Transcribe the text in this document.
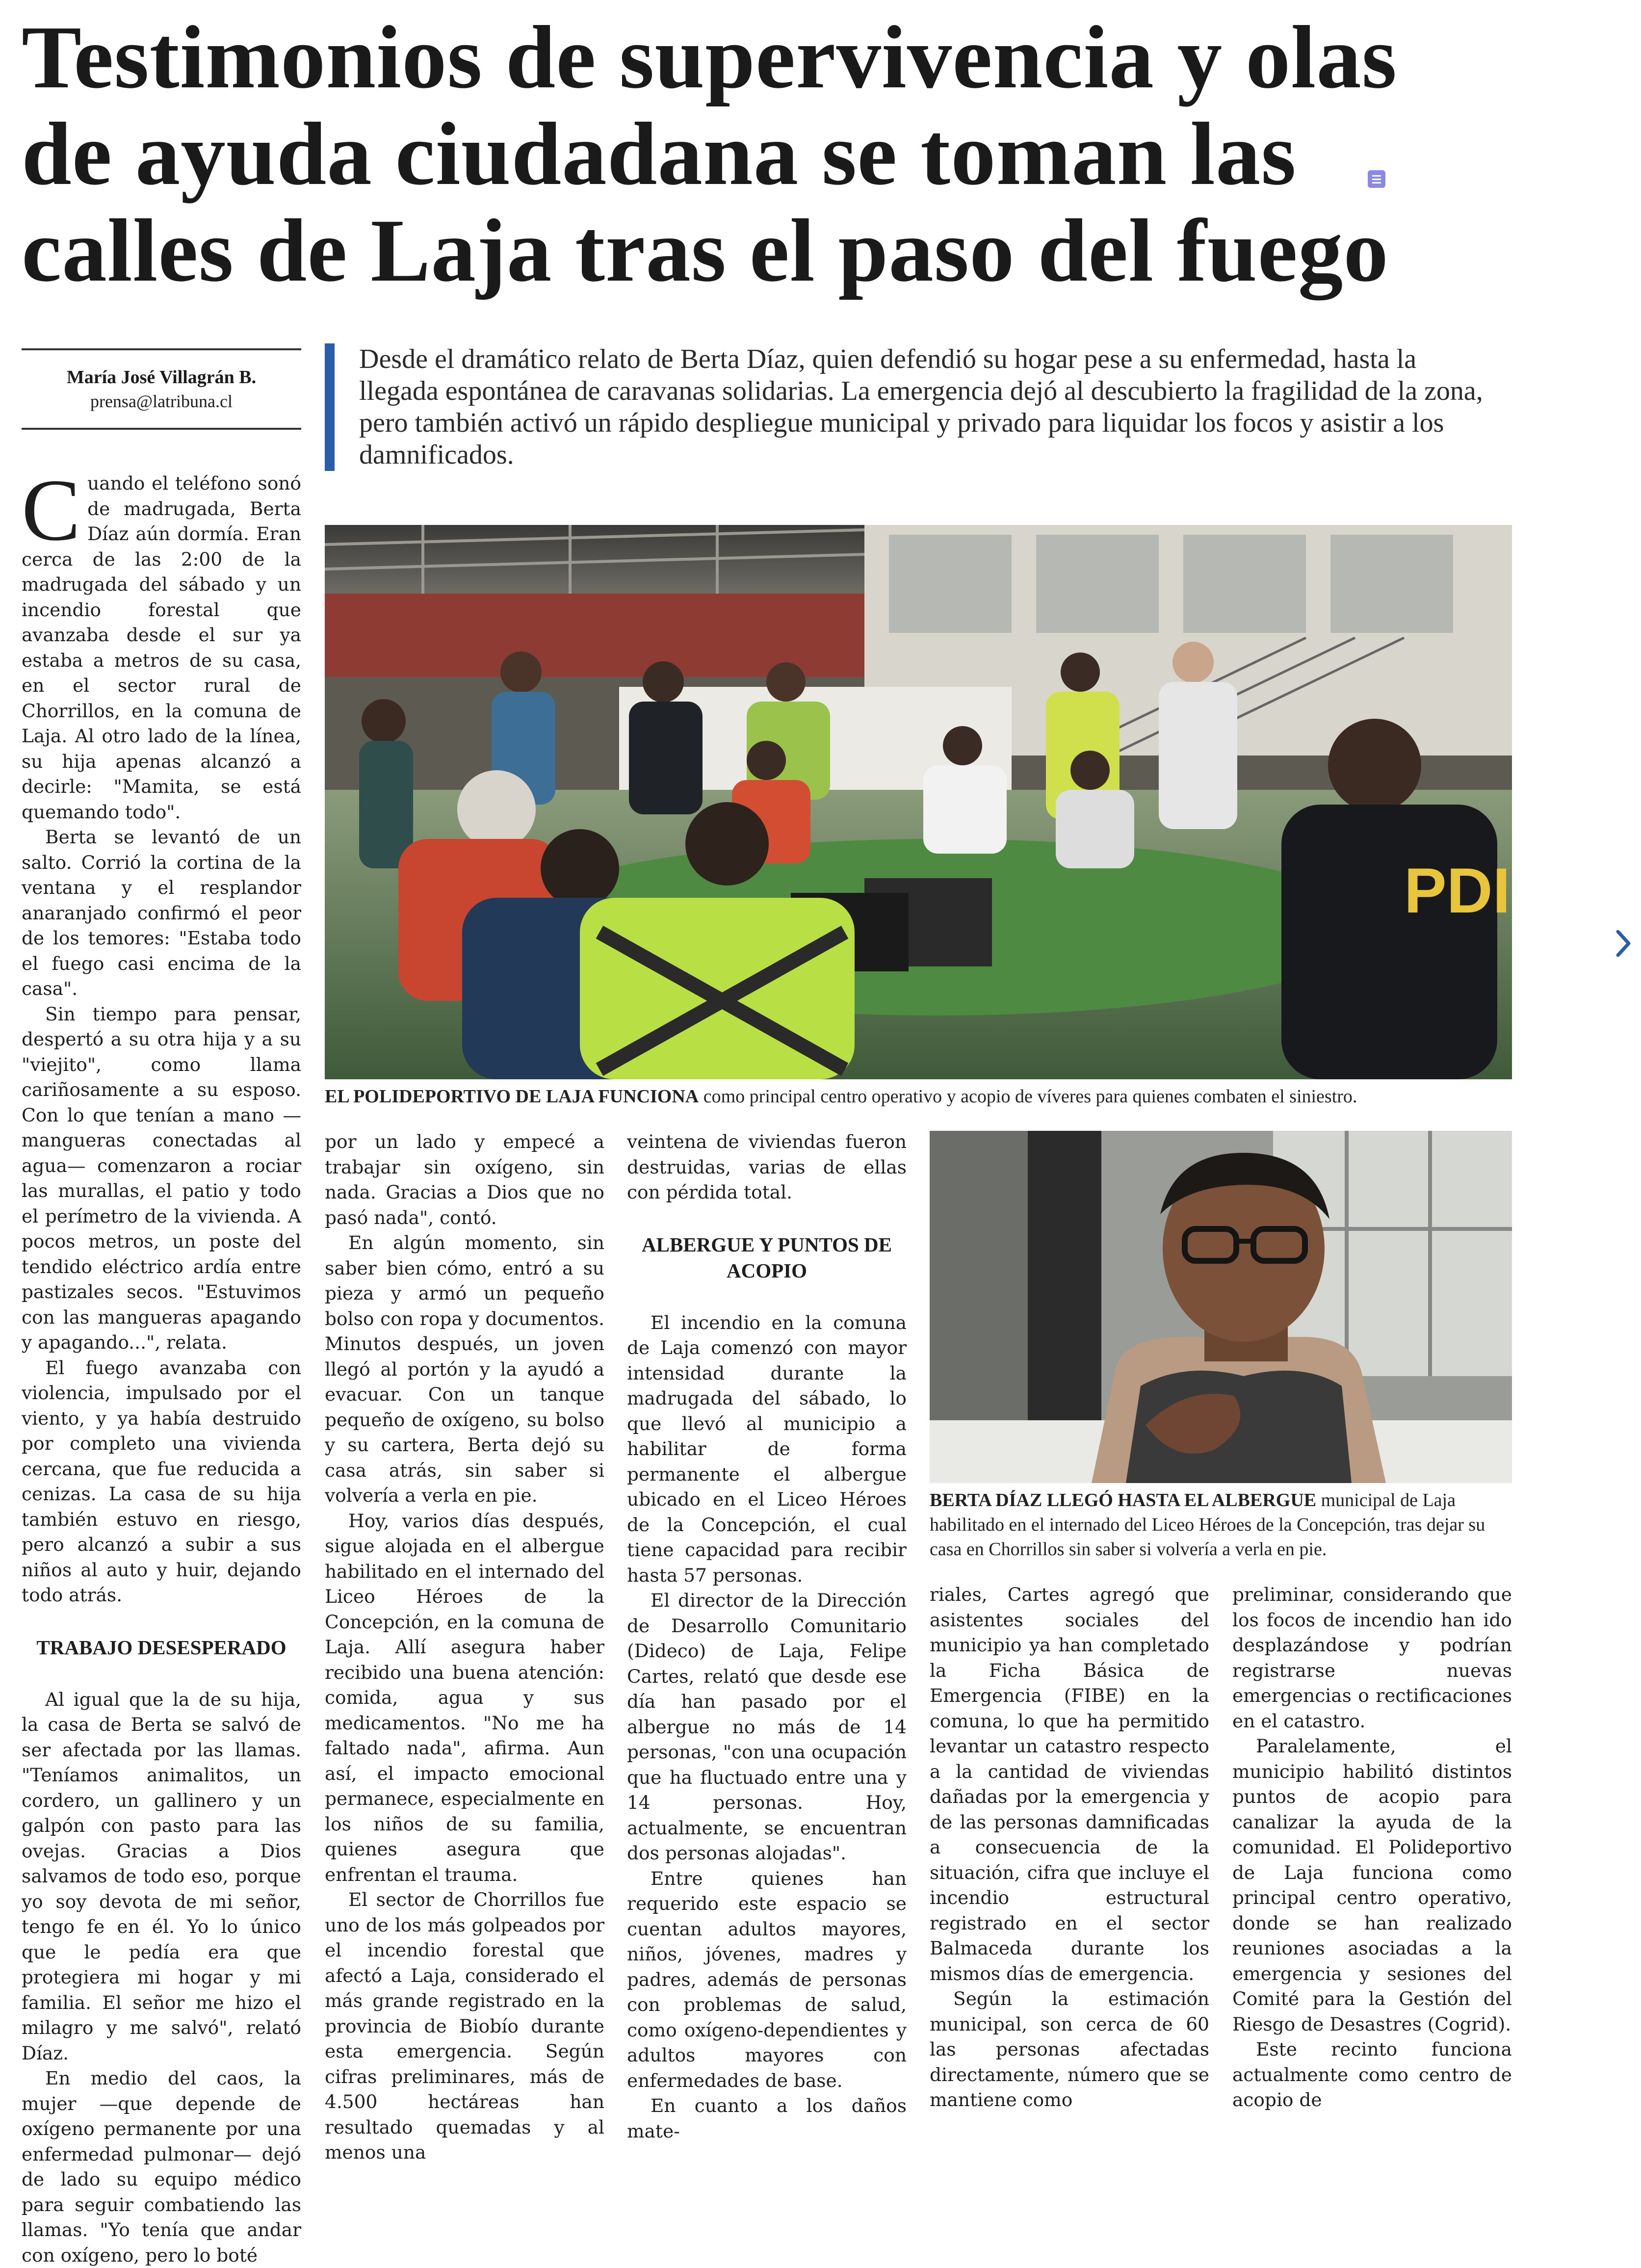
Testimonios de supervivencia y olas de ayuda ciudadana se toman las calles de Laja tras el paso del fuego
María José Villagrán B.
prensa@latribuna.cl
Desde el dramático relato de Berta Díaz, quien defendió su hogar pese a su enfermedad, hasta la llegada espontánea de caravanas solidarias. La emergencia dejó al descubierto la fragilidad de la zona, pero también activó un rápido despliegue municipal y privado para liquidar los focos y asistir a los damnificados.
PDI
EL POLIDEPORTIVO DE LAJA FUNCIONA como principal centro operativo y acopio de víveres para quienes combaten el siniestro.
BERTA DÍAZ LLEGÓ HASTA EL ALBERGUE municipal de Laja habilitado en el internado del Liceo Héroes de la Concepción, tras dejar su casa en Chorrillos sin saber si volvería a verla en pie.

Cuando el teléfono sonó de madrugada, Berta Díaz aún dormía. Eran cerca de las 2:00 de la madrugada del sábado y un incendio forestal que avanzaba desde el sur ya estaba a metros de su casa, en el sector rural de Chorrillos, en la comuna de Laja. Al otro lado de la línea, su hija apenas alcanzó a decirle: "Mamita, se está quemando todo".

Berta se levantó de un salto. Corrió la cortina de la ventana y el resplandor anaranjado confirmó el peor de los temores: "Estaba todo el fuego casi encima de la casa".

Sin tiempo para pensar, despertó a su otra hija y a su "viejito", como llama cariñosamente a su esposo. Con lo que tenían a mano —mangueras conectadas al agua— comenzaron a rociar las murallas, el patio y todo el perímetro de la vivienda. A pocos metros, un poste del tendido eléctrico ardía entre pastizales secos. "Estuvimos con las mangueras apagando y apagando...", relata.

El fuego avanzaba con violencia, impulsado por el viento, y ya había destruido por completo una vivienda cercana, que fue reducida a cenizas. La casa de su hija también estuvo en riesgo, pero alcanzó a subir a sus niños al auto y huir, dejando todo atrás.

TRABAJO DESESPERADO

Al igual que la de su hija, la casa de Berta se salvó de ser afectada por las llamas. "Teníamos animalitos, un cordero, un gallinero y un galpón con pasto para las ovejas. Gracias a Dios salvamos de todo eso, porque yo soy devota de mi señor, tengo fe en él. Yo lo único que le pedía era que protegiera mi hogar y mi familia. El señor me hizo el milagro y me salvó", relató Díaz.

En medio del caos, la mujer —que depende de oxígeno permanente por una enfermedad pulmonar— dejó de lado su equipo médico para seguir combatiendo las llamas. "Yo tenía que andar con oxígeno, pero lo boté

por un lado y empecé a trabajar sin oxígeno, sin nada. Gracias a Dios que no pasó nada", contó.

En algún momento, sin saber bien cómo, entró a su pieza y armó un pequeño bolso con ropa y documentos. Minutos después, un joven llegó al portón y la ayudó a evacuar. Con un tanque pequeño de oxígeno, su bolso y su cartera, Berta dejó su casa atrás, sin saber si volvería a verla en pie.

Hoy, varios días después, sigue alojada en el albergue habilitado en el internado del Liceo Héroes de la Concepción, en la comuna de Laja. Allí asegura haber recibido una buena atención: comida, agua y sus medicamentos. "No me ha faltado nada", afirma. Aun así, el impacto emocional permanece, especialmente en los niños de su familia, quienes asegura que enfrentan el trauma.

El sector de Chorrillos fue uno de los más golpeados por el incendio forestal que afectó a Laja, considerado el más grande registrado en la provincia de Biobío durante esta emergencia. Según cifras preliminares, más de 4.500 hectáreas han resultado quemadas y al menos una

veintena de viviendas fueron destruidas, varias de ellas con pérdida total.

ALBERGUE Y PUNTOS DE ACOPIO

El incendio en la comuna de Laja comenzó con mayor intensidad durante la madrugada del sábado, lo que llevó al municipio a habilitar de forma permanente el albergue ubicado en el Liceo Héroes de la Concepción, el cual tiene capacidad para recibir hasta 57 personas.

El director de la Dirección de Desarrollo Comunitario (Dideco) de Laja, Felipe Cartes, relató que desde ese día han pasado por el albergue no más de 14 personas, "con una ocupación que ha fluctuado entre una y 14 personas. Hoy, actualmente, se encuentran dos personas alojadas".

Entre quienes han requerido este espacio se cuentan adultos mayores, niños, jóvenes, madres y padres, además de personas con problemas de salud, como oxígeno-dependientes y adultos mayores con enfermedades de base.

En cuanto a los daños mate-

riales, Cartes agregó que asistentes sociales del municipio ya han completado la Ficha Básica de Emergencia (FIBE) en la comuna, lo que ha permitido levantar un catastro respecto a la cantidad de viviendas dañadas por la emergencia y de las personas damnificadas a consecuencia de la situación, cifra que incluye el incendio estructural registrado en el sector Balmaceda durante los mismos días de emergencia.

Según la estimación municipal, son cerca de 60 las personas afectadas directamente, número que se mantiene como

preliminar, considerando que los focos de incendio han ido desplazándose y podrían registrarse nuevas emergencias o rectificaciones en el catastro.

Paralelamente, el municipio habilitó distintos puntos de acopio para canalizar la ayuda de la comunidad. El Polideportivo de Laja funciona como principal centro operativo, donde se han realizado reuniones asociadas a la emergencia y sesiones del Comité para la Gestión del Riesgo de Desastres (Cogrid).

Este recinto funciona actualmente como centro de acopio de
